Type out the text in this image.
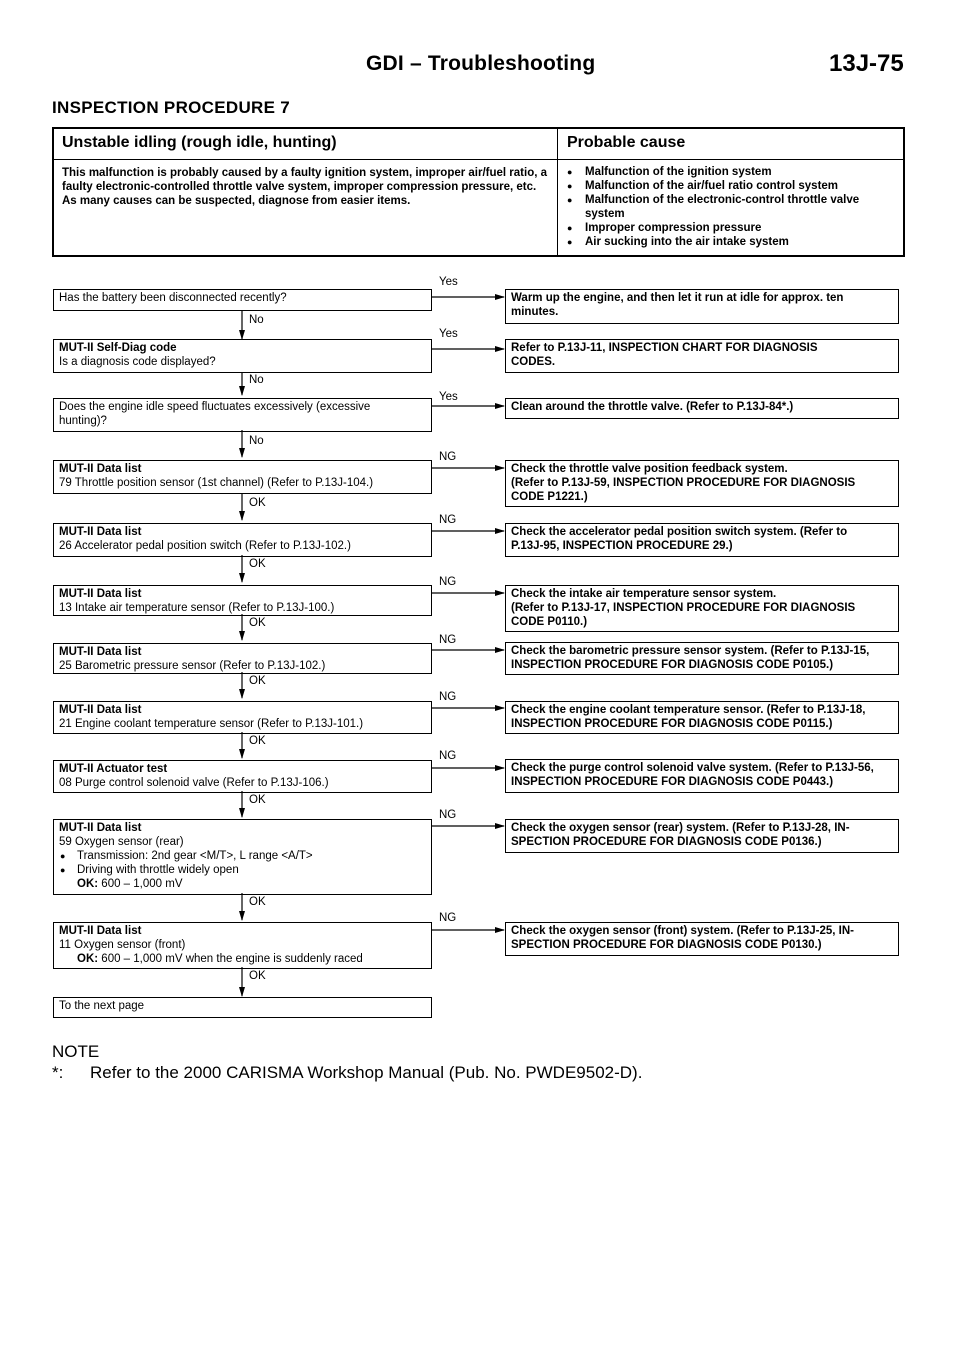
GDI – Troubleshooting	13J-75
INSPECTION PROCEDURE 7
Unstable idling (rough idle, hunting)	Probable cause
This malfunction is probably caused by a faulty ignition system, improper air/fuel ratio, a faulty electronic-controlled throttle valve system, improper compression pressure, etc. As many causes can be suspected, diagnose from easier items.
● Malfunction of the ignition system
● Malfunction of the air/fuel ratio control system
● Malfunction of the electronic-control throttle valve system
● Improper compression pressure
● Air sucking into the air intake system
Has the battery been disconnected recently?
Yes
No
Warm up the engine, and then let it run at idle for approx. ten
minutes.
MUT-II Self-Diag code
Is a diagnosis code displayed?
Yes
No
Refer to P.13J-11, INSPECTION CHART FOR DIAGNOSIS
CODES.
Does the engine idle speed fluctuates excessively (excessive
hunting)?
Yes
No
Clean around the throttle valve. (Refer to P.13J-84*.)
MUT-II Data list
79 Throttle position sensor (1st channel) (Refer to P.13J-104.)
NG
OK
Check the throttle valve position feedback system.
(Refer to P.13J-59, INSPECTION PROCEDURE FOR DIAGNOSIS
CODE P1221.)
MUT-II Data list
26 Accelerator pedal position switch (Refer to P.13J-102.)
NG
OK
Check the accelerator pedal position switch system. (Refer to
P.13J-95, INSPECTION PROCEDURE 29.)
MUT-II Data list
13 Intake air temperature sensor (Refer to P.13J-100.)
NG
OK
Check the intake air temperature sensor system.
(Refer to P.13J-17, INSPECTION PROCEDURE FOR DIAGNOSIS
CODE P0110.)
MUT-II Data list
25 Barometric pressure sensor (Refer to P.13J-102.)
NG
OK
Check the barometric pressure sensor system. (Refer to P.13J-15,
INSPECTION PROCEDURE FOR DIAGNOSIS CODE P0105.)
MUT-II Data list
21 Engine coolant temperature sensor (Refer to P.13J-101.)
NG
OK
Check the engine coolant temperature sensor. (Refer to P.13J-18,
INSPECTION PROCEDURE FOR DIAGNOSIS CODE P0115.)
MUT-II Actuator test
08 Purge control solenoid valve (Refer to P.13J-106.)
NG
OK
Check the purge control solenoid valve system. (Refer to P.13J-56,
INSPECTION PROCEDURE FOR DIAGNOSIS CODE P0443.)
MUT-II Data list
59 Oxygen sensor (rear)
● Transmission: 2nd gear <M/T>, L range <A/T>
● Driving with throttle widely open
OK: 600 – 1,000 mV
NG
OK
Check the oxygen sensor (rear) system. (Refer to P.13J-28, IN-
SPECTION PROCEDURE FOR DIAGNOSIS CODE P0136.)
MUT-II Data list
11 Oxygen sensor (front)
OK: 600 – 1,000 mV when the engine is suddenly raced
NG
OK
Check the oxygen sensor (front) system. (Refer to P.13J-25, IN-
SPECTION PROCEDURE FOR DIAGNOSIS CODE P0130.)
To the next page
NOTE
*: Refer to the 2000 CARISMA Workshop Manual (Pub. No. PWDE9502-D).
